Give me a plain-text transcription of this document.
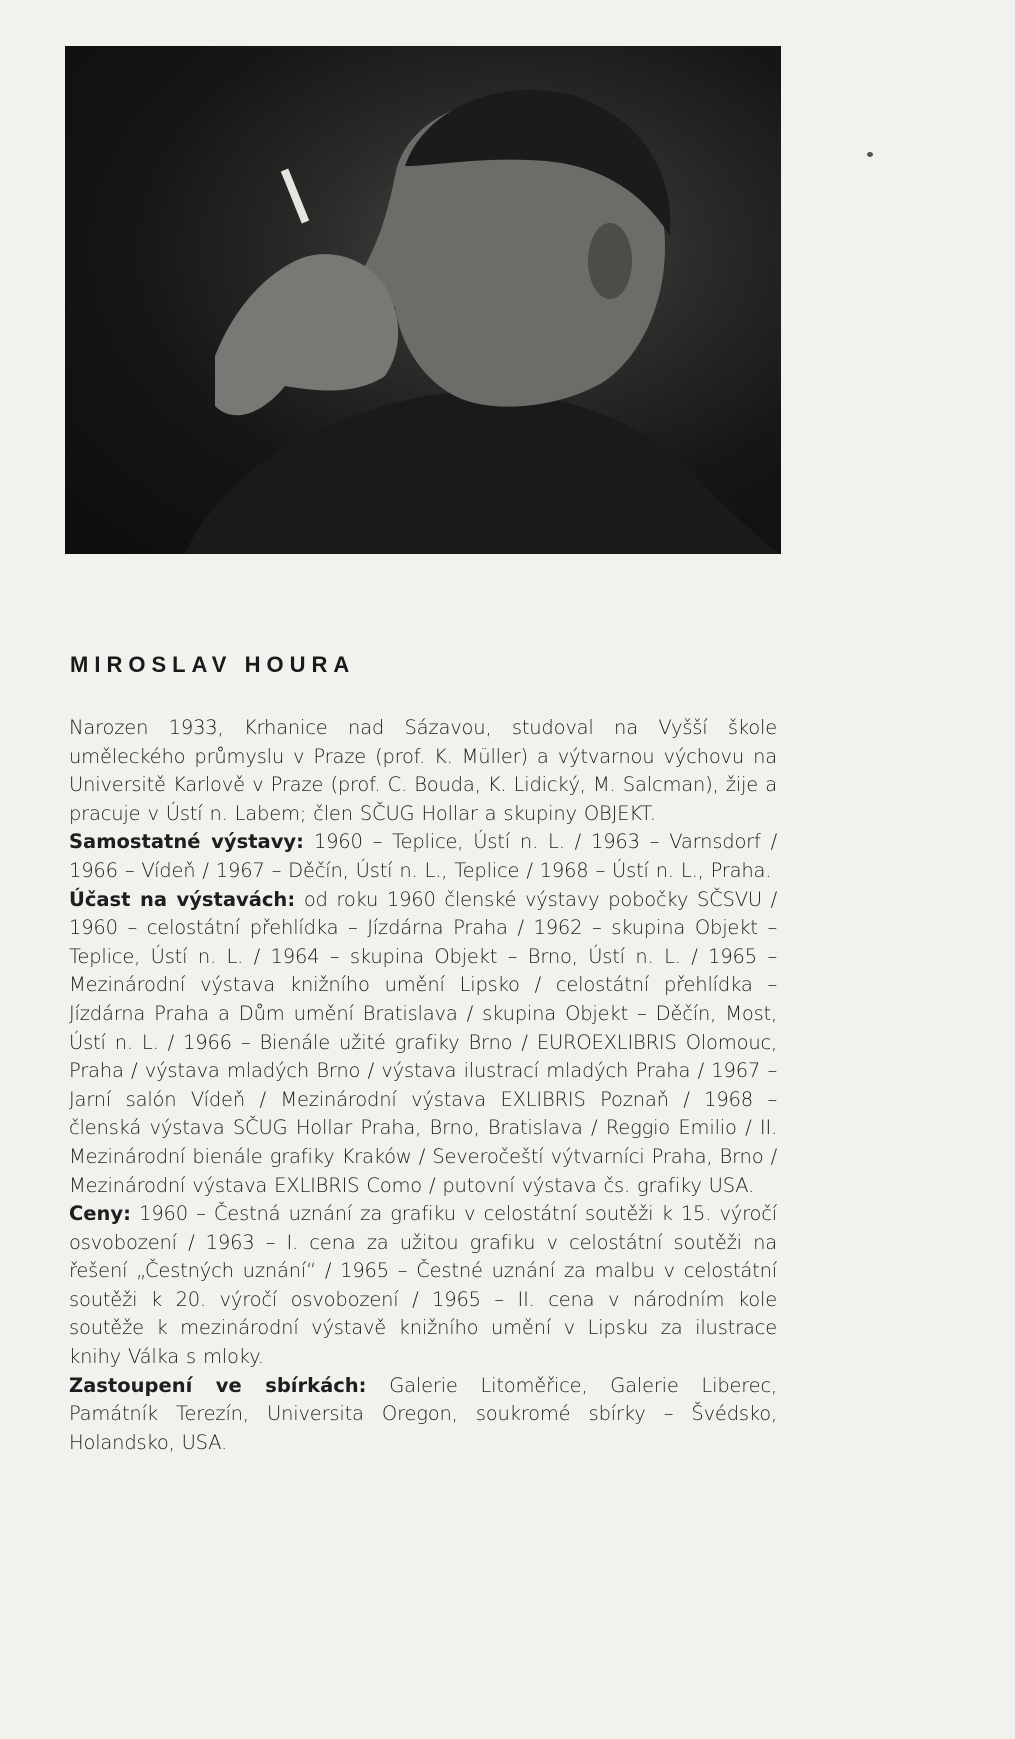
MIROSLAV HOURA

Narozen 1933, Krhanice nad Sázavou, studoval na Vyšší škole uměleckého průmyslu v Praze (prof. K. Müller) a výtvarnou výchovu na Universitě Karlově v Praze (prof. C. Bouda, K. Lidický, M. Salcman), žije a pracuje v Ústí n. Labem; člen SČUG Hollar a skupiny OBJEKT.

Samostatné výstavy: 1960 – Teplice, Ústí n. L. / 1963 – Varnsdorf / 1966 – Vídeň / 1967 – Děčín, Ústí n. L., Teplice / 1968 – Ústí n. L., Praha.

Účast na výstavách: od roku 1960 členské výstavy pobočky SČSVU / 1960 – celostátní přehlídka – Jízdárna Praha / 1962 – skupina Objekt – Teplice, Ústí n. L. / 1964 – skupina Objekt – Brno, Ústí n. L. / 1965 – Mezinárodní výstava knižního umění Lipsko / celostátní přehlídka – Jízdárna Praha a Dům umění Bratislava / skupina Objekt – Děčín, Most, Ústí n. L. / 1966 – Bienále užité grafiky Brno / EUROEXLIBRIS Olomouc, Praha / výstava mladých Brno / výstava ilustrací mladých Praha / 1967 – Jarní salón Vídeň / Mezinárodní výstava EXLIBRIS Poznaň / 1968 – členská výstava SČUG Hollar Praha, Brno, Bratislava / Reggio Emilio / II. Mezinárodní bienále grafiky Kraków / Severočeští výtvarníci Praha, Brno / Mezinárodní výstava EXLIBRIS Como / putovní výstava čs. grafiky USA.

Ceny: 1960 – Čestná uznání za grafiku v celostátní soutěži k 15. výročí osvobození / 1963 – I. cena za užitou grafiku v celostátní soutěži na řešení „Čestných uznání“ / 1965 – Čestné uznání za malbu v celostátní soutěži k 20. výročí osvobození / 1965 – II. cena v národním kole soutěže k mezinárodní výstavě knižního umění v Lipsku za ilustrace knihy Válka s mloky.

Zastoupení ve sbírkách: Galerie Litoměřice, Galerie Liberec, Památník Terezín, Universita Oregon, soukromé sbírky – Švédsko, Holandsko, USA.
